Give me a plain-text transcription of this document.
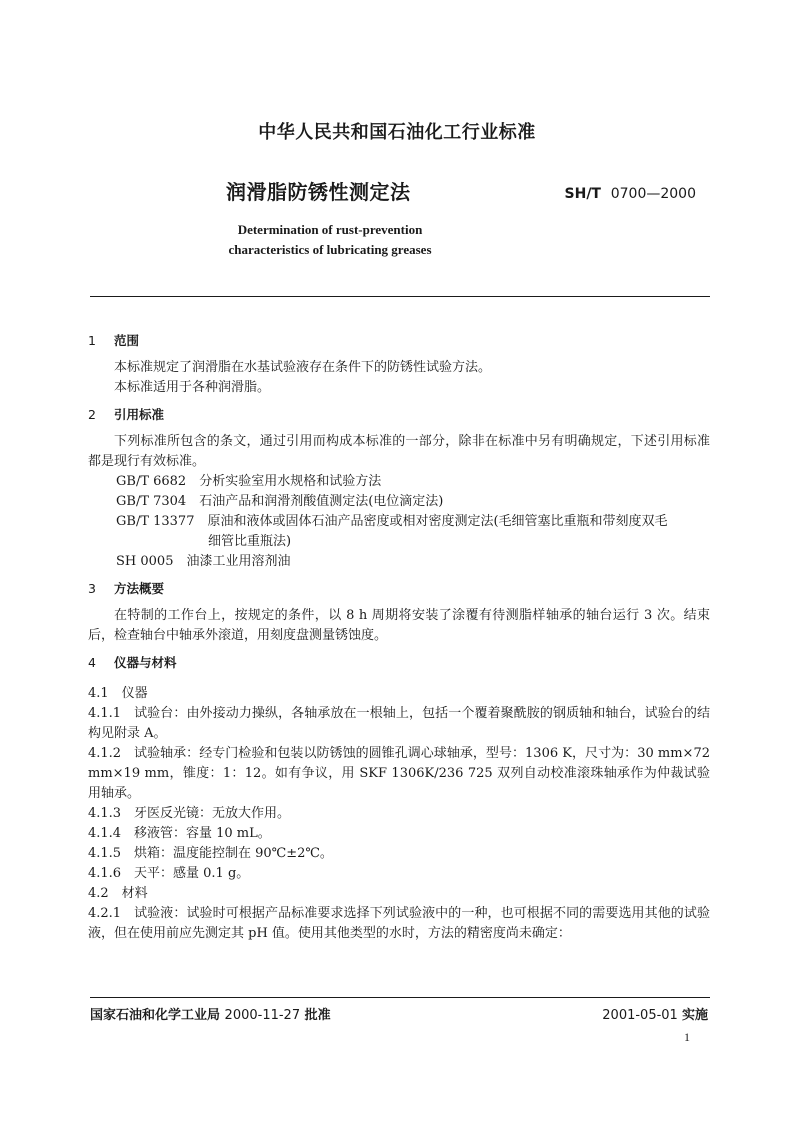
中华人民共和国石油化工行业标准
润滑脂防锈性测定法	SH/T 0700—2000
Determination of rust-prevention
characteristics of lubricating greases
1 范围

本标准规定了润滑脂在水基试验液存在条件下的防锈性试验方法。

本标准适用于各种润滑脂。

2 引用标准

下列标准所包含的条文，通过引用而构成本标准的一部分，除非在标准中另有明确规定，下述引用标准都是现行有效标准。

GB/T 6682　分析实验室用水规格和试验方法

GB/T 7304　石油产品和润滑剂酸值测定法(电位滴定法)

GB/T 13377　原油和液体或固体石油产品密度或相对密度测定法(毛细管塞比重瓶和带刻度双毛

细管比重瓶法)

SH 0005　油漆工业用溶剂油

3 方法概要

在特制的工作台上，按规定的条件，以 8 h 周期将安装了涂覆有待测脂样轴承的轴台运行 3 次。结束后，检查轴台中轴承外滚道，用刻度盘测量锈蚀度。

4 仪器与材料

4.1　仪器

4.1.1 试验台：由外接动力操纵，各轴承放在一根轴上，包括一个覆着聚酰胺的钢质轴和轴台，试验台的结构见附录 A。

4.1.2 试验轴承：经专门检验和包装以防锈蚀的圆锥孔调心球轴承，型号：1306 K，尺寸为：30 mm×72 mm×19 mm，锥度：1：12。如有争议，用 SKF 1306K/236 725 双列自动校准滚珠轴承作为仲裁试验用轴承。

4.1.3 牙医反光镜：无放大作用。

4.1.4 移液管：容量 10 mL。

4.1.5 烘箱：温度能控制在 90℃±2℃。

4.1.6 天平：感量 0.1 g。

4.2　材料

4.2.1 试验液：试验时可根据产品标准要求选择下列试验液中的一种，也可根据不同的需要选用其他的试验液，但在使用前应先测定其 pH 值。使用其他类型的水时，方法的精密度尚未确定：

国家石油和化学工业局 2000-11-27 批准	2001-05-01 实施
1
